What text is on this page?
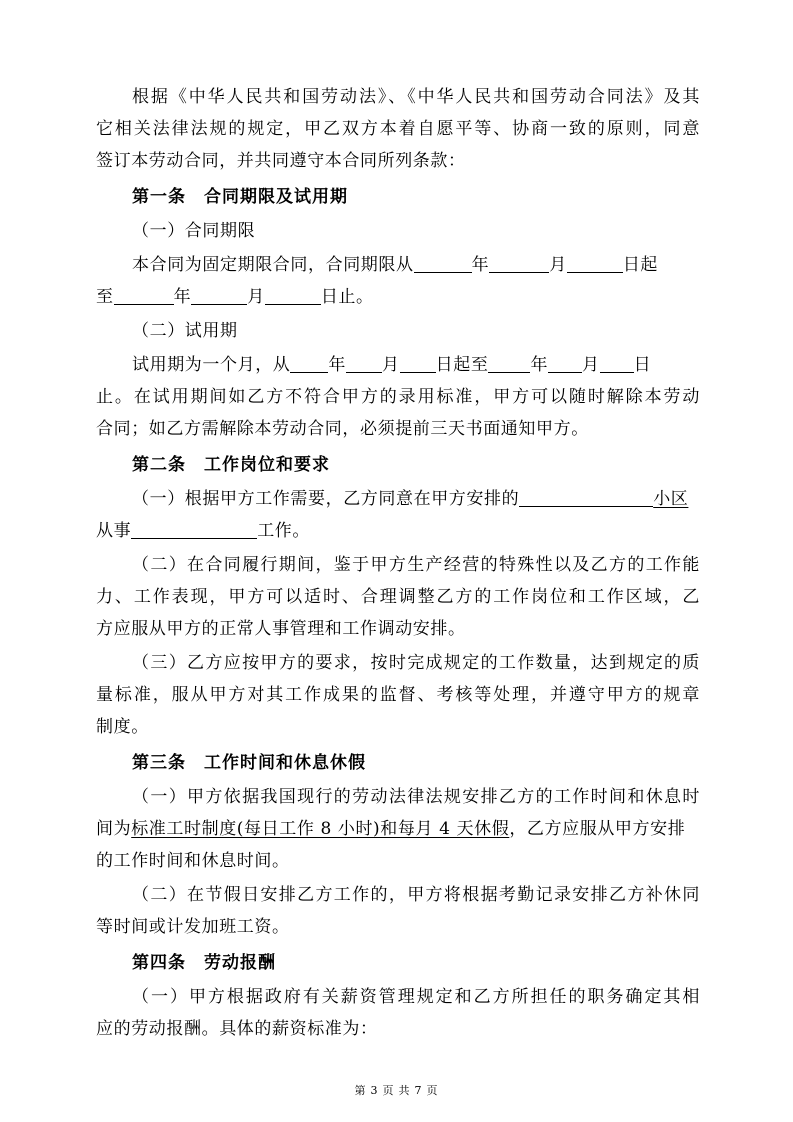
根据《中华人民共和国劳动法》、《中华人民共和国劳动合同法》及其
它相关法律法规的规定，甲乙双方本着自愿平等、协商一致的原则，同意
签订本劳动合同，并共同遵守本合同所列条款：
第一条 合同期限及试用期
（一）合同期限
本合同为固定期限合同，合同期限从	年	月	日起
至	年	月	日止。
（二）试用期
试用期为一个月，从 年 月 日起至 年 月 日
止。在试用期间如乙方不符合甲方的录用标准，甲方可以随时解除本劳动
合同；如乙方需解除本劳动合同，必须提前三天书面通知甲方。
第二条 工作岗位和要求
（一）根据甲方工作需要，乙方同意在甲方安排的	小区
从事	工作。
（二）在合同履行期间，鉴于甲方生产经营的特殊性以及乙方的工作能
力、工作表现，甲方可以适时、合理调整乙方的工作岗位和工作区域，乙
方应服从甲方的正常人事管理和工作调动安排。
（三）乙方应按甲方的要求，按时完成规定的工作数量，达到规定的质
量标准，服从甲方对其工作成果的监督、考核等处理，并遵守甲方的规章
制度。
第三条 工作时间和休息休假
（一）甲方依据我国现行的劳动法律法规安排乙方的工作时间和休息时
间为标准工时制度(每日工作 8 小时)和每月 4 天休假，乙方应服从甲方安排
的工作时间和休息时间。
（二）在节假日安排乙方工作的，甲方将根据考勤记录安排乙方补休同
等时间或计发加班工资。
第四条 劳动报酬
（一）甲方根据政府有关薪资管理规定和乙方所担任的职务确定其相
应的劳动报酬。具体的薪资标准为：
第 3 页 共 7 页
